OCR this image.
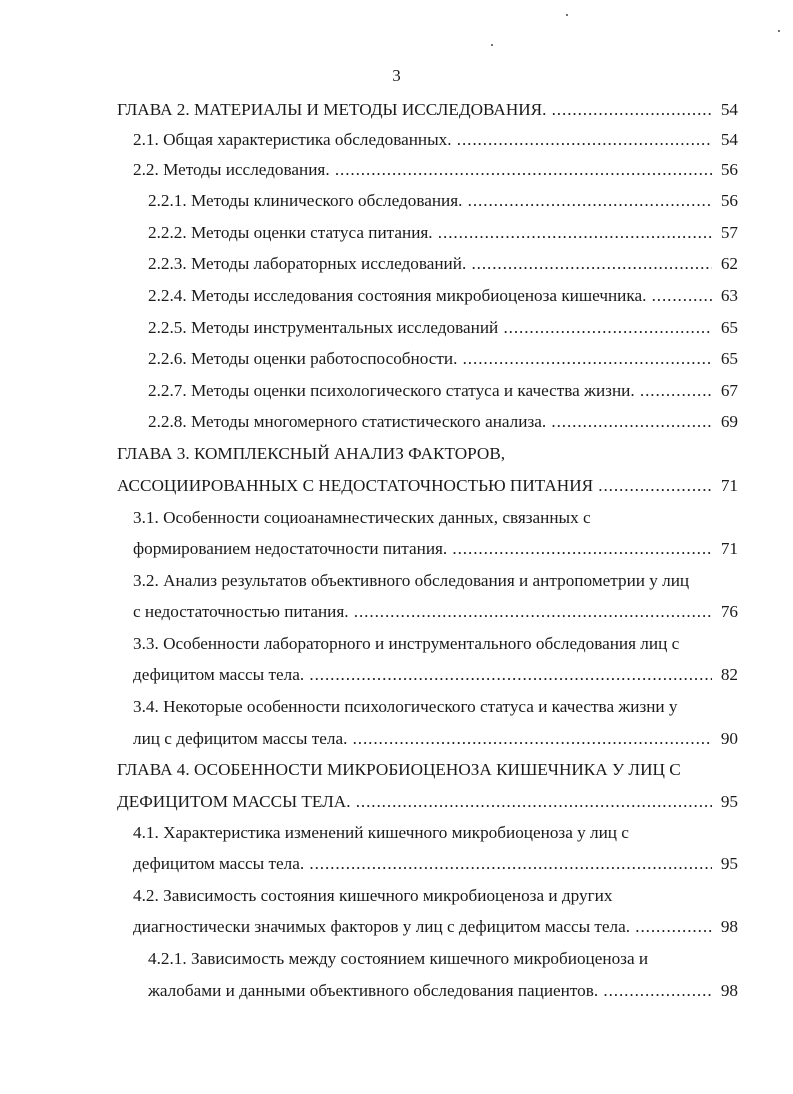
3
ГЛАВА 2. МАТЕРИАЛЫ И МЕТОДЫ ИССЛЕДОВАНИЯ. .....	54
2.1. Общая характеристика обследованных. .....	54
2.2. Методы исследования. .....	56
2.2.1. Методы клинического обследования. .....	56
2.2.2. Методы оценки статуса питания. .....	57
2.2.3. Методы лабораторных исследований. .....	62
2.2.4. Методы исследования состояния микробиоценоза кишечника. .....	63
2.2.5. Методы инструментальных исследований .....	65
2.2.6. Методы оценки работоспособности. .....	65
2.2.7. Методы оценки психологического статуса и качества жизни. .....	67
2.2.8. Методы многомерного статистического анализа. .....	69
ГЛАВА 3. КОМПЛЕКСНЫЙ АНАЛИЗ ФАКТОРОВ,
АССОЦИИРОВАННЫХ С НЕДОСТАТОЧНОСТЬЮ ПИТАНИЯ .....	71
3.1. Особенности социоанамнестических данных, связанных с
формированием недостаточности питания. .....	71
3.2. Анализ результатов объективного обследования и антропометрии у лиц
с недостаточностью питания. .....	76
3.3. Особенности лабораторного и инструментального обследования лиц с
дефицитом массы тела. .....	82
3.4. Некоторые особенности психологического статуса и качества жизни у
лиц с дефицитом массы тела. .....	90
ГЛАВА 4. ОСОБЕННОСТИ МИКРОБИОЦЕНОЗА КИШЕЧНИКА У ЛИЦ С
ДЕФИЦИТОМ МАССЫ ТЕЛА. .....	95
4.1. Характеристика изменений кишечного микробиоценоза у лиц с
дефицитом массы тела. .....	95
4.2. Зависимость состояния кишечного микробиоценоза и других
диагностически значимых факторов у лиц с дефицитом массы тела. .....	98
4.2.1. Зависимость между состоянием кишечного микробиоценоза и
жалобами и данными объективного обследования пациентов. .....	98
